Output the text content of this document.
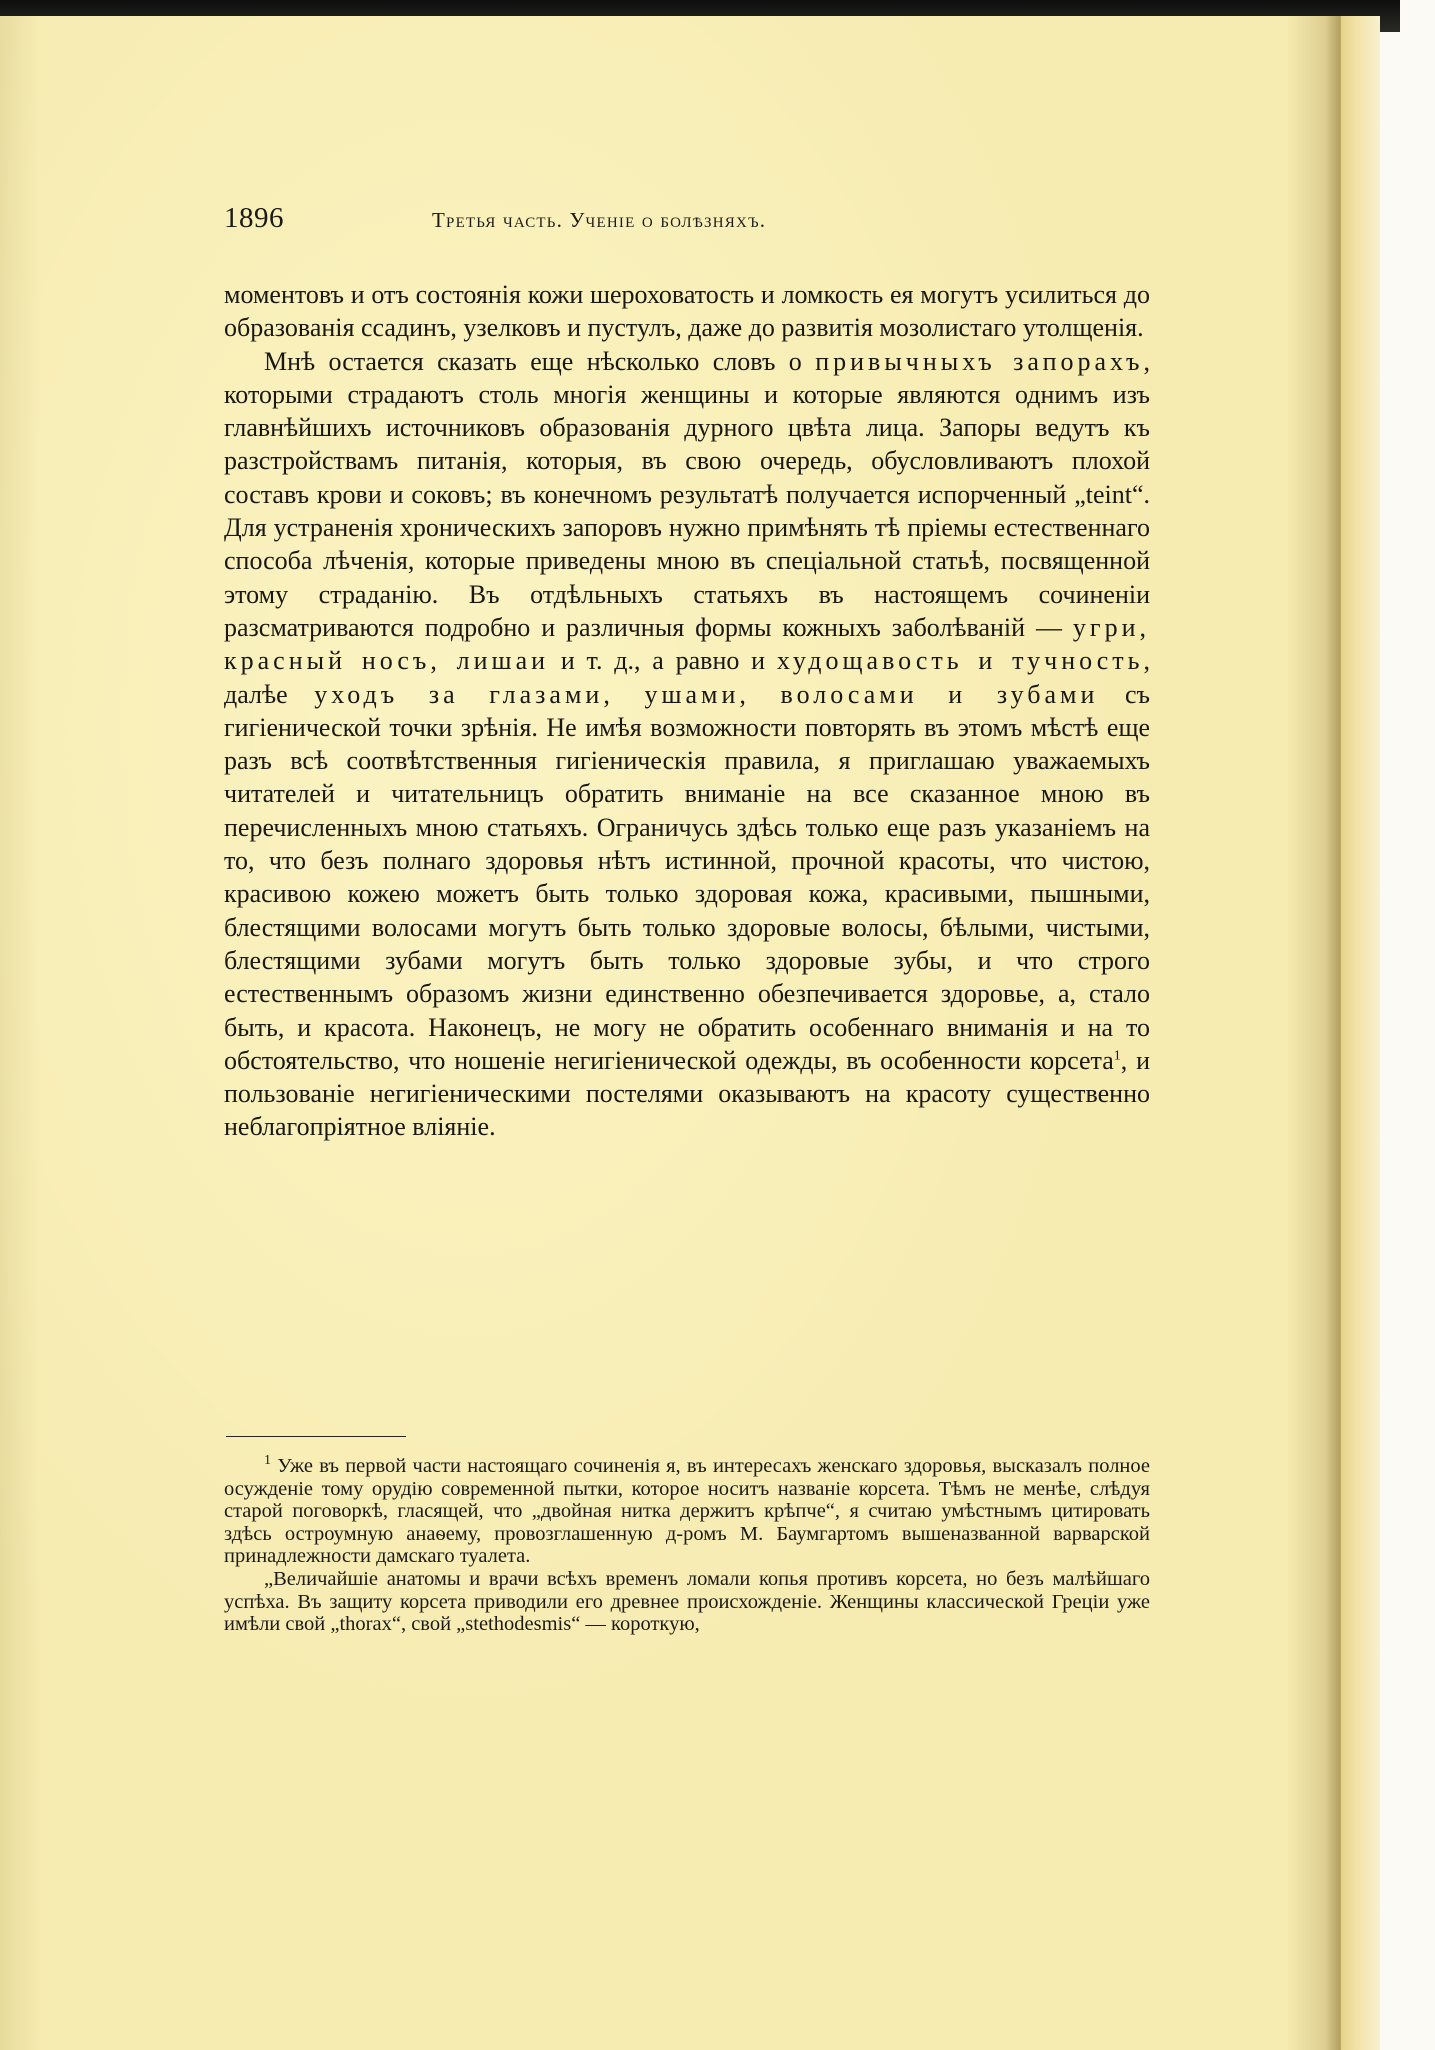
1896	Третья часть. Ученіе о болѣзняхъ.

моментовъ и отъ состоянія кожи шероховатость и ломкость ея могутъ усилиться до образованія ссадинъ, узелковъ и пустулъ, даже до развитія мозолистаго утолщенія.

Мнѣ остается сказать еще нѣсколько словъ о привычныхъ запорахъ, которыми страдаютъ столь многія женщины и которые являются однимъ изъ главнѣйшихъ источниковъ образованія дурного цвѣта лица. Запоры ведутъ къ разстройствамъ питанія, которыя, въ свою очередь, обусловливаютъ плохой составъ крови и соковъ; въ конечномъ результатѣ получается испорченный „teint“. Для устраненія хроническихъ запоровъ нужно примѣнять тѣ пріемы естественнаго способа лѣченія, которые приведены мною въ спеціальной статьѣ, посвященной этому страданію. Въ отдѣльныхъ статьяхъ въ настоящемъ сочиненіи разсматриваются подробно и различныя формы кожныхъ заболѣваній — угри, красный носъ, лишаи и т. д., а равно и худощавость и тучность, далѣе уходъ за глазами, ушами, волосами и зубами съ гигіенической точки зрѣнія. Не имѣя возможности повторять въ этомъ мѣстѣ еще разъ всѣ соотвѣтственныя гигіеническія правила, я приглашаю уважаемыхъ читателей и читательницъ обратить вниманіе на все сказанное мною въ перечисленныхъ мною статьяхъ. Ограничусь здѣсь только еще разъ указаніемъ на то, что безъ полнаго здоровья нѣтъ истинной, прочной красоты, что чистою, красивою кожею можетъ быть только здоровая кожа, красивыми, пышными, блестящими волосами могутъ быть только здоровые волосы, бѣлыми, чистыми, блестящими зубами могутъ быть только здоровые зубы, и что строго естественнымъ образомъ жизни единственно обезпечивается здоровье, а, стало быть, и красота. Наконецъ, не могу не обратить особеннаго вниманія и на то обстоятельство, что ношеніе негигіенической одежды, въ особенности корсета$^1$, и пользованіе негигіеническими постелями оказываютъ на красоту существенно неблагопріятное вліяніе.

$^1$ Уже въ первой части настоящаго сочиненія я, въ интересахъ женскаго здоровья, высказалъ полное осужденіе тому орудію современной пытки, которое носитъ названіе корсета. Тѣмъ не менѣе, слѣдуя старой поговоркѣ, гласящей, что „двойная нитка держитъ крѣпче“, я считаю умѣстнымъ цитировать здѣсь остроумную анаѳему, провозглашенную д-ромъ М. Баумгартомъ вышеназванной варварской принадлежности дамскаго туалета.

„Величайшіе анатомы и врачи всѣхъ временъ ломали копья противъ корсета, но безъ малѣйшаго успѣха. Въ защиту корсета приводили его древнее происхожденіе. Женщины классической Греціи уже имѣли свой „thorax“, свой „stethodesmis“ — короткую,
